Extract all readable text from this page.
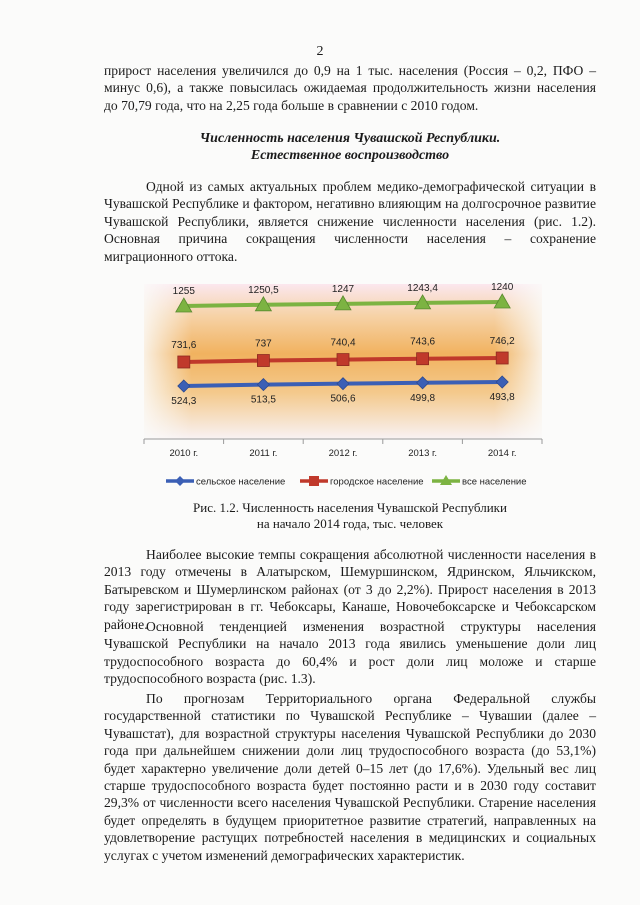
2

прирост населения увеличился до 0,9 на 1 тыс. населения (Россия – 0,2, ПФО –
минус 0,6), а также повысилась ожидаемая продолжительность жизни населения
до 70,79 года, что на 2,25 года больше в сравнении с 2010 годом.

Численность населения Чувашской Республики.
Естественное воспроизводство

Одной из самых актуальных проблем медико-демографической ситуации в Чувашской Республике и фактором, негативно влияющим на долгосрочное развитие Чувашской Республики, является снижение численности населения (рис. 1.2). Основная причина сокращения численности населения – сохранение миграционного оттока.

524,3	513,5	506,6	499,8	493,8
731,6	737	740,4	743,6	746,2
1255	1250,5	1247	1243,4	1240
2010 г.	2011 г.	2012 г.	2013 г.	2014 г.
сельское население	городское население	все население
Рис. 1.2. Численность населения Чувашской Республики
на начало 2014 года, тыс. человек

Наиболее высокие темпы сокращения абсолютной численности населения в 2013 году отмечены в Алатырском, Шемуршинском, Ядринском, Яльчикском, Батыревском и Шумерлинском районах (от 3 до 2,2%). Прирост населения в 2013 году зарегистрирован в гг. Чебоксары, Канаше, Новочебоксарске и Чебоксарском районе.

Основной тенденцией изменения возрастной структуры населения Чувашской Республики на начало 2013 года явились уменьшение доли лиц трудоспособного возраста до 60,4% и рост доли лиц моложе и старше трудоспособного возраста (рис. 1.3).

По прогнозам Территориального органа Федеральной службы государственной статистики по Чувашской Республике – Чувашии (далее – Чувашстат), для возрастной структуры населения Чувашской Республики до 2030 года при дальнейшем снижении доли лиц трудоспособного возраста (до 53,1%) будет характерно увеличение доли детей 0–15 лет (до 17,6%). Удельный вес лиц старше трудоспособного возраста будет постоянно расти и в 2030 году составит 29,3% от численности всего населения Чувашской Республики. Старение населения будет определять в будущем приоритетное развитие стратегий, направленных на удовлетворение растущих потребностей населения в медицинских и социальных услугах с учетом изменений демографических характеристик.
